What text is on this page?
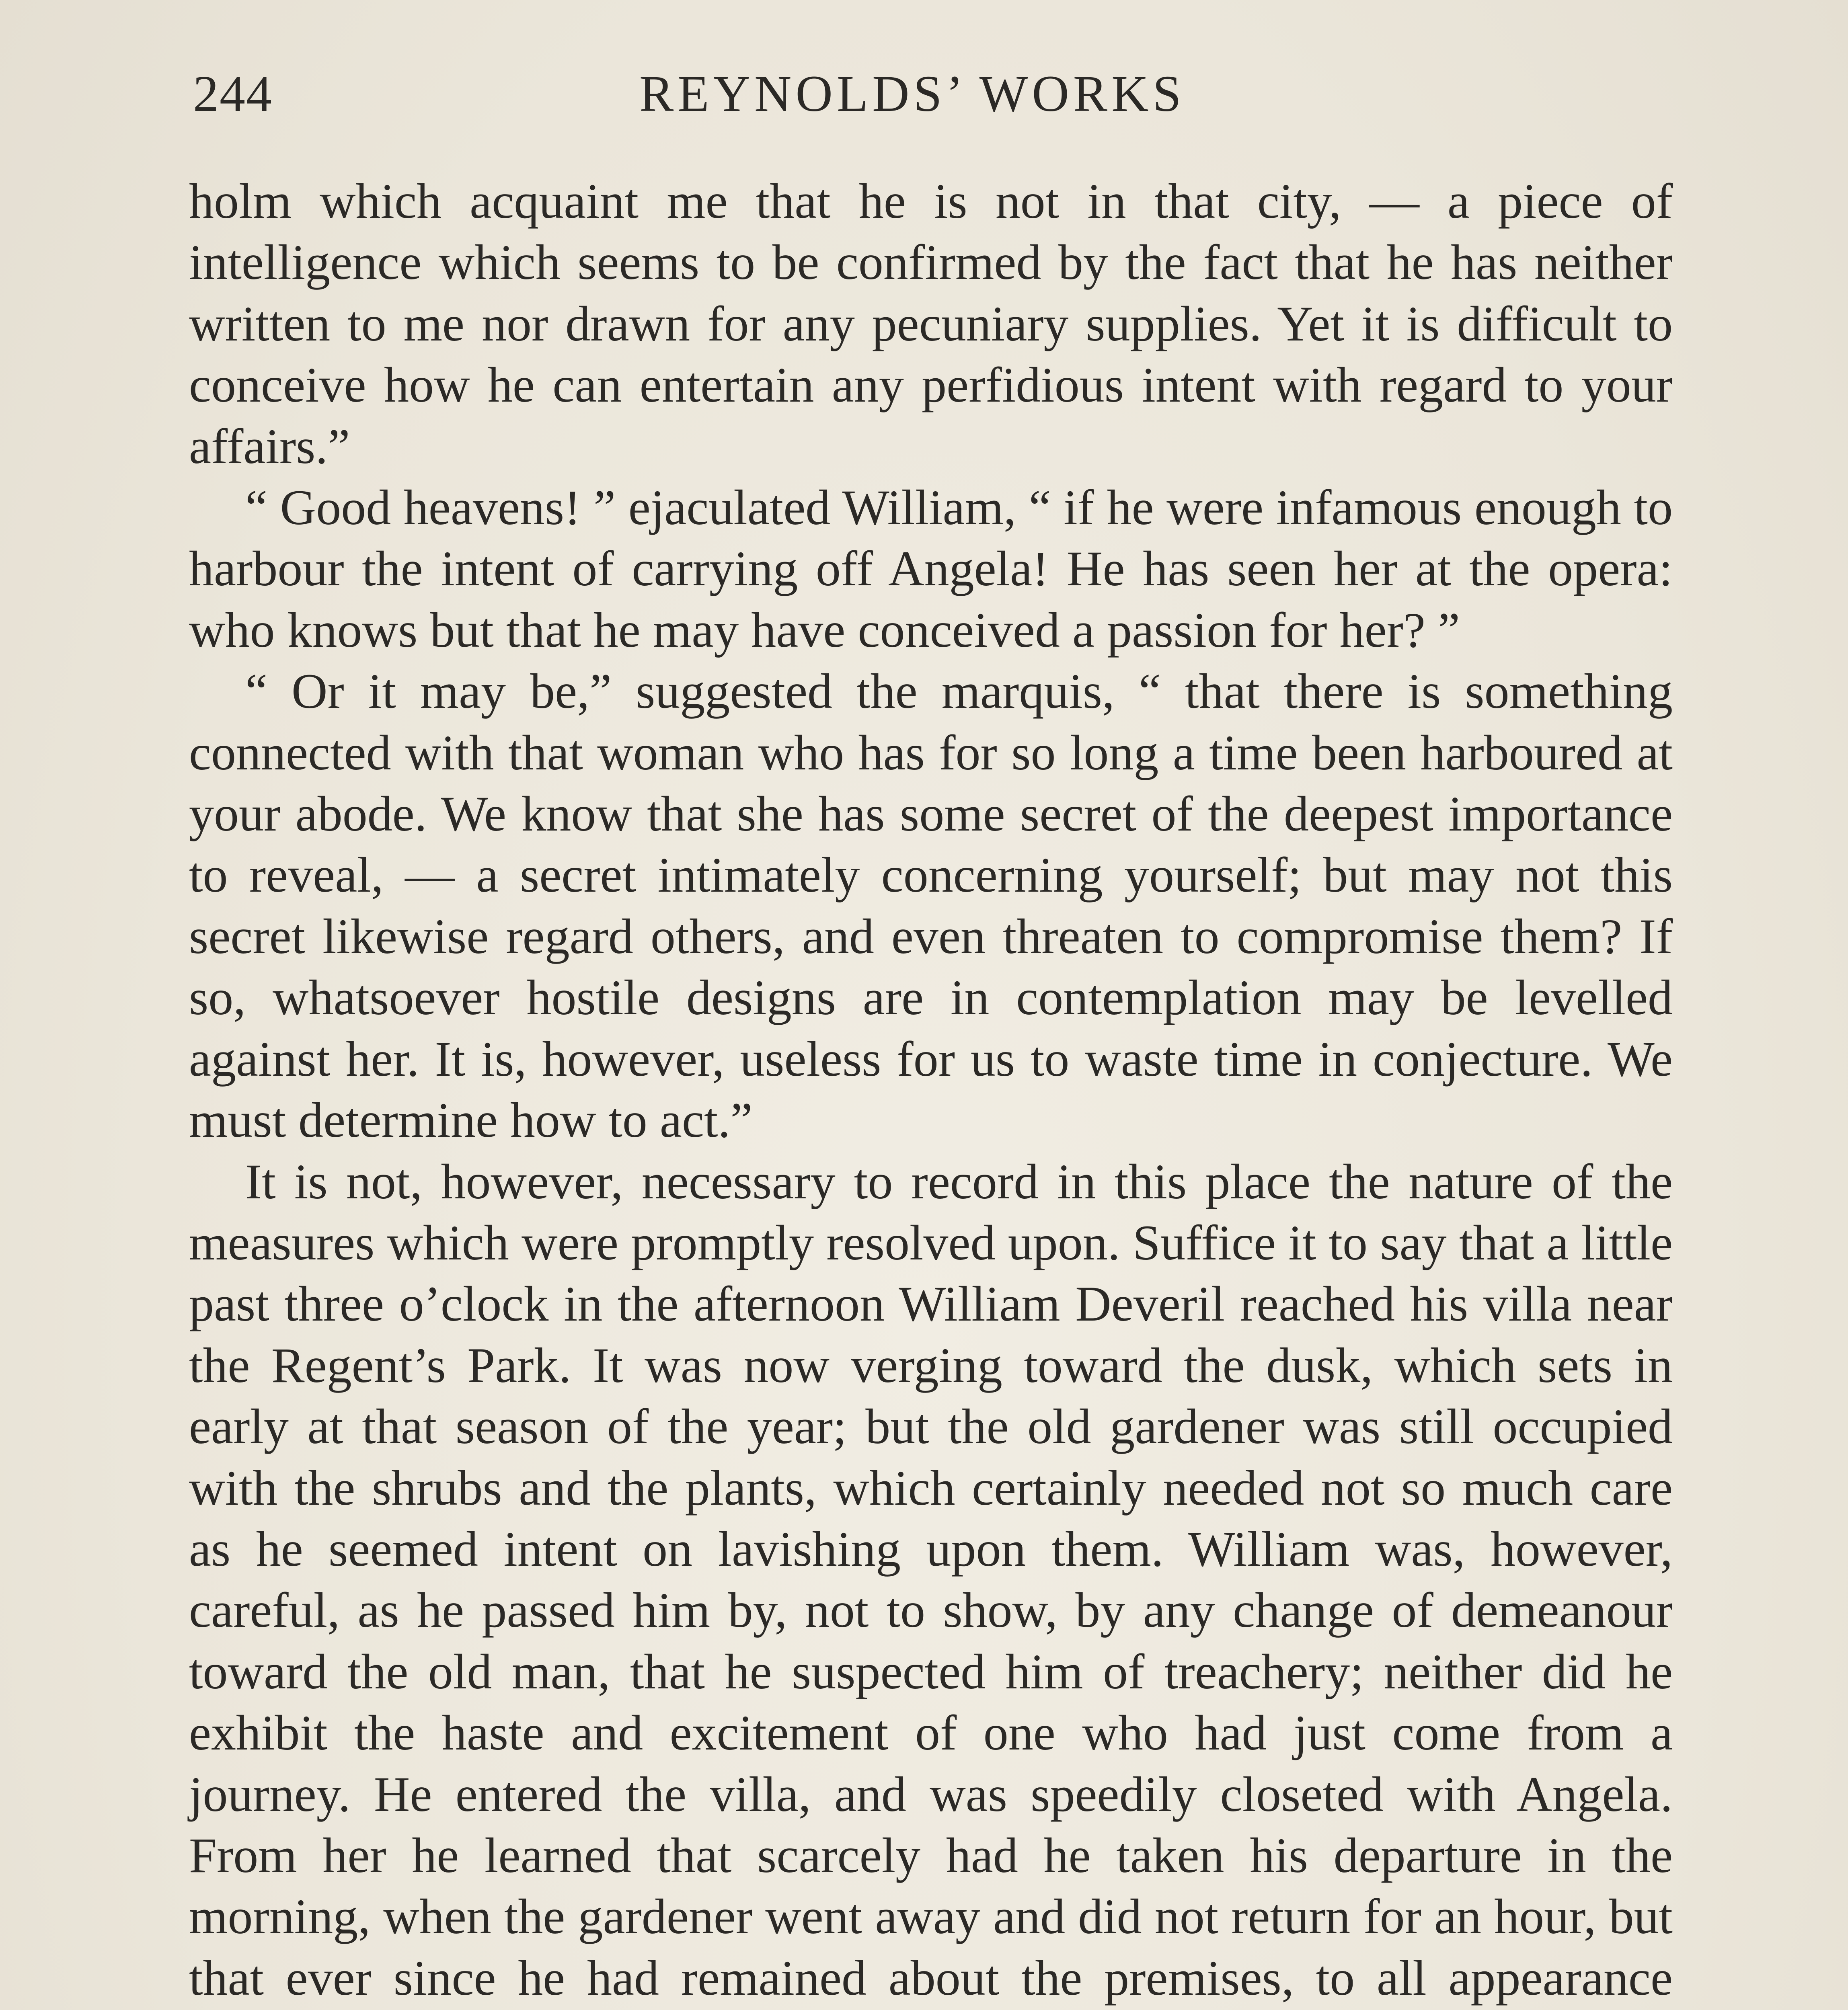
244	REYNOLDS’ WORKS

holm which acquaint me that he is not in that city, — a piece of intelligence which seems to be confirmed by the fact that he has neither written to me nor drawn for any pecuniary supplies. Yet it is difficult to conceive how he can entertain any perfidious intent with regard to your affairs.”

“ Good heavens! ” ejaculated William, “ if he were infamous enough to harbour the intent of carrying off Angela! He has seen her at the opera: who knows but that he may have conceived a passion for her? ”

“ Or it may be,” suggested the marquis, “ that there is something connected with that woman who has for so long a time been harboured at your abode. We know that she has some secret of the deepest importance to reveal, — a secret intimately concerning yourself; but may not this secret likewise regard others, and even threaten to compromise them? If so, whatsoever hostile designs are in contemplation may be levelled against her. It is, however, useless for us to waste time in conjecture. We must determine how to act.”

It is not, however, necessary to record in this place the nature of the measures which were promptly resolved upon. Suffice it to say that a little past three o’clock in the afternoon William Deveril reached his villa near the Regent’s Park. It was now verging toward the dusk, which sets in early at that season of the year; but the old gardener was still occupied with the shrubs and the plants, which certainly needed not so much care as he seemed intent on lavishing upon them. William was, however, careful, as he passed him by, not to show, by any change of demeanour toward the old man, that he suspected him of treachery; neither did he exhibit the haste and excitement of one who had just come from a journey. He entered the villa, and was speedily closeted with Angela. From her he learned that scarcely had he taken his departure in the morning, when the gardener went away and did not return for an hour, but that ever since he had remained about the premises, to all appearance
